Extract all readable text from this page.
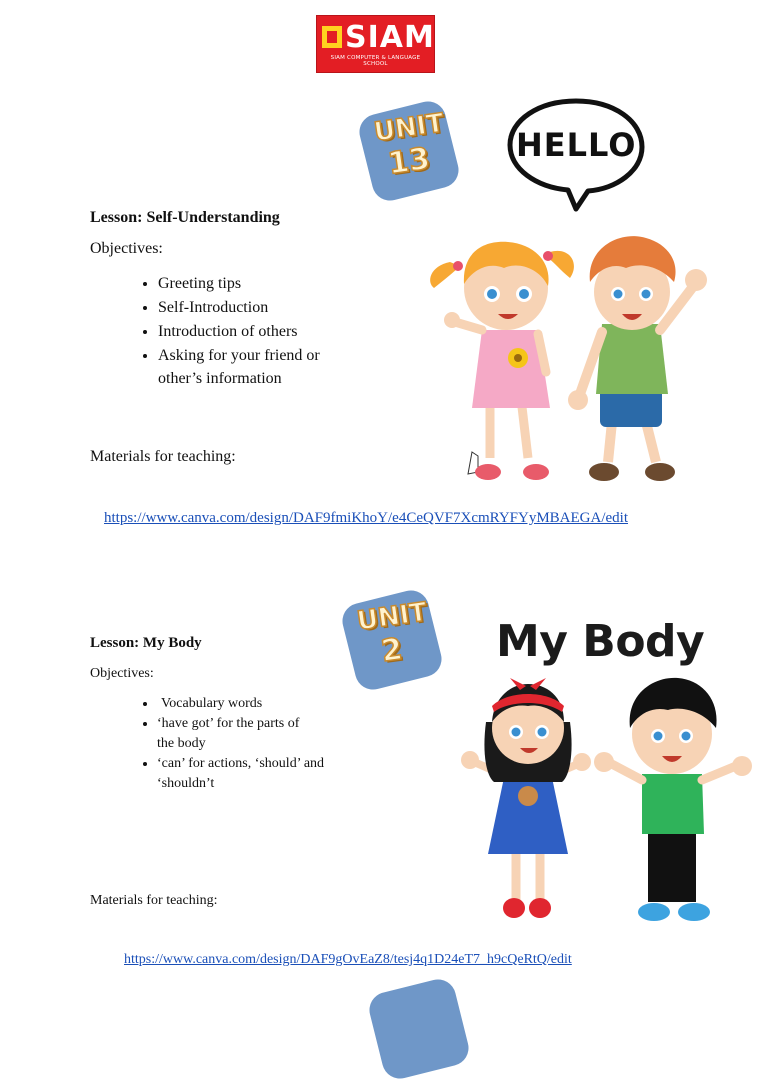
SIAM
SIAM COMPUTER & LANGUAGE SCHOOL
UNIT
13	HELLO
Lesson: Self-Understanding
Objectives:
• Greeting tips
• Self-Introduction
• Introduction of others
• Asking for your friend or other’s information
Materials for teaching:
https://www.canva.com/design/DAF9fmiKhoY/e4CeQVF7XcmRYFYyMBAEGA/edit
UNIT
2	My Body
Lesson: My Body
Objectives:
• Vocabulary words
• ‘have got’ for the parts of the body
• ‘can’ for actions, ‘should’ and ‘shouldn’t
Materials for teaching:
https://www.canva.com/design/DAF9gOvEaZ8/tesj4q1D24eT7_h9cQeRtQ/edit
